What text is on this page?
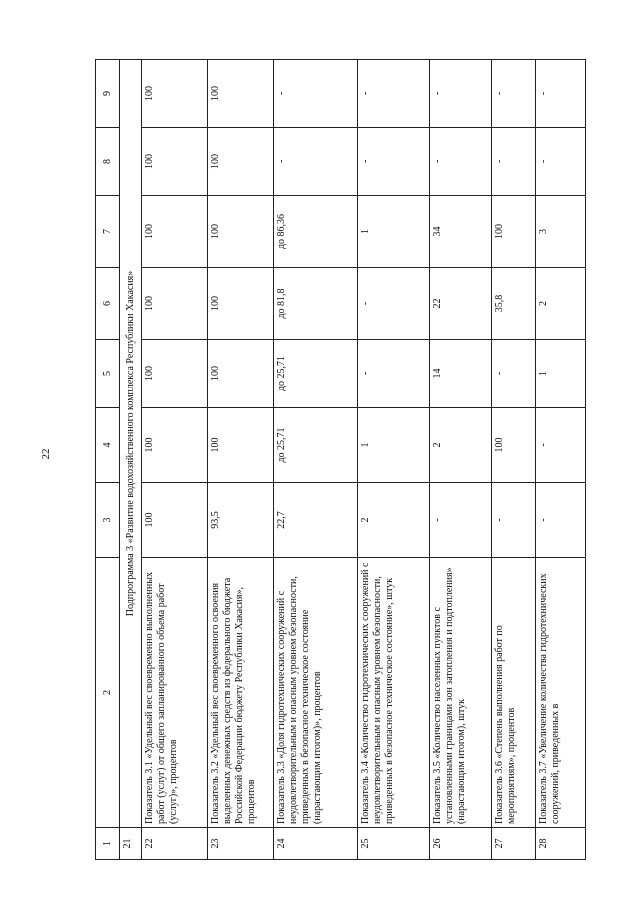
22
1	2	3	4	5	6	7	8	9
21	Подпрограмма 3 «Развитие водохозяйственного комплекса Республики Хакасия»							
22	Показатель 3.1 «Удельный вес своевременно выполненных работ (услуг) от общего запланированного объема работ (услуг)», процентов	100	100	100	100	100	100	100
23	Показатель 3.2 «Удельный вес своевременного освоения выделенных денежных средств из федерального бюджета Российской Федерации бюджету Республики Хакасия», процентов	93,5	100	100	100	100	100	100
24	Показатель 3.3 «Доля гидротехнических сооружений с неудовлетворительным и опасным уровнем безопасности, приведенных в безопасное техническое состояние (нарастающим итогом)», процентов	22,7	до 25,71	до 25,71	до 81,8	до 86,36	-	-
25	Показатель 3.4 «Количество гидротехнических сооружений с неудовлетворительным и опасным уровнем безопасности, приведенных в безопасное техническое состояние», штук	2	1	-	-	1	-	-
26	Показатель 3.5 «Количество населенных пунктов с установленными границами зон затопления и подтопления» (нарастающим итогом), штук	-	2	14	22	34	-	-
27	Показатель 3.6 «Степень выполнения работ по мероприятиям», процентов	-	100	-	35,8	100	-	-
28	Показатель 3.7 «Увеличение количества гидротехнических сооружений, приведенных в	-	-	1	2	3	-	-
